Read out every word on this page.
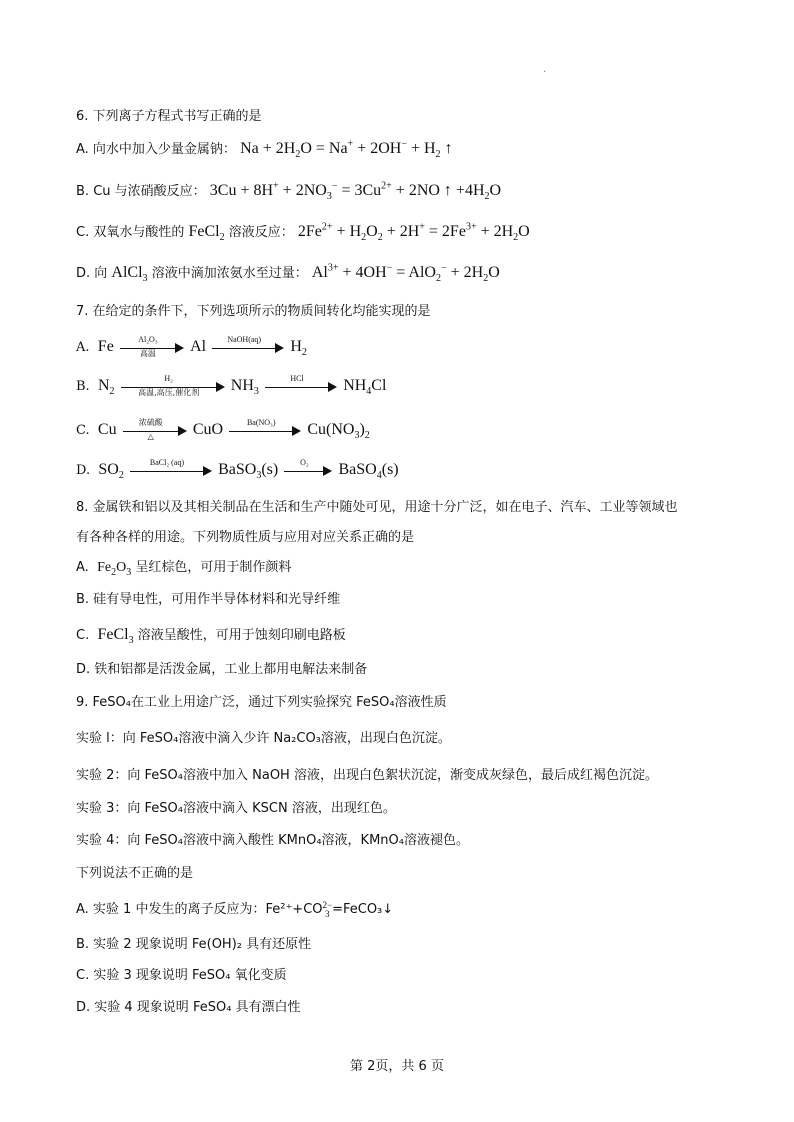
.
6. 下列离子方程式书写正确的是
A. 向水中加入少量金属钠： $Na + 2H_2O = Na^+ + 2OH^- + H_2$ ↑
B. Cu 与浓硝酸反应： $3Cu + 8H^+ + 2NO_3^- = 3Cu^{2+} + 2NO$ ↑ $+4H_2O$
C. 双氧水与酸性的 FeCl$_2$ 溶液反应： $2Fe^{2+} + H_2O_2 + 2H^+ = 2Fe^{3+} + 2H_2O$
D. 向 AlCl$_3$ 溶液中滴加浓氨水至过量： $Al^{3+} + 4OH^- = AlO_2^- + 2H_2O$
7. 在给定的条件下，下列选项所示的物质间转化均能实现的是
A.  Fe	Al₂O₃
高温	Al	NaOH(aq)	$H_2$
B.  $N_2$
H₂
高温,高压,催化剂	$NH_3$
HCl	$NH_4Cl$
C.  Cu	浓硫酸
△	CuO	Ba(NO₃)	$Cu(NO_3)_2$
D.  $SO_2$
BaCl₂ (aq)	BaSO$_3$(s)	O₂	BaSO$_4$(s)
8. 金属铁和铝以及其相关制品在生活和生产中随处可见，用途十分广泛，如在电子、汽车、工业等领域也
有各种各样的用途。下列物质性质与应用对应关系正确的是
A.  $Fe_2O_3$ 呈红棕色，可用于制作颜料
B. 硅有导电性，可用作半导体材料和光导纤维
C.  FeCl$_3$ 溶液呈酸性，可用于蚀刻印刷电路板
D. 铁和铝都是活泼金属，工业上都用电解法来制备
9. FeSO₄在工业上用途广泛，通过下列实验探究 FeSO₄溶液性质
实验 l：向 FeSO₄溶液中滴入少许 Na₂CO₃溶液，出现白色沉淀。
实验 2：向 FeSO₄溶液中加入 NaOH 溶液，出现白色絮状沉淀，渐变成灰绿色，最后成红褐色沉淀。
实验 3：向 FeSO₄溶液中滴入 KSCN 溶液，出现红色。
实验 4：向 FeSO₄溶液中滴入酸性 KMnO₄溶液，KMnO₄溶液褪色。
下列说法不正确的是
A. 实验 1 中发生的离子反应为：Fe²⁺+CO 2−
3 =FeCO₃↓
B. 实验 2 现象说明 Fe(OH)₂ 具有还原性
C. 实验 3 现象说明 FeSO₄ 氧化变质
D. 实验 4 现象说明 FeSO₄ 具有漂白性
第 2页，共 6 页
